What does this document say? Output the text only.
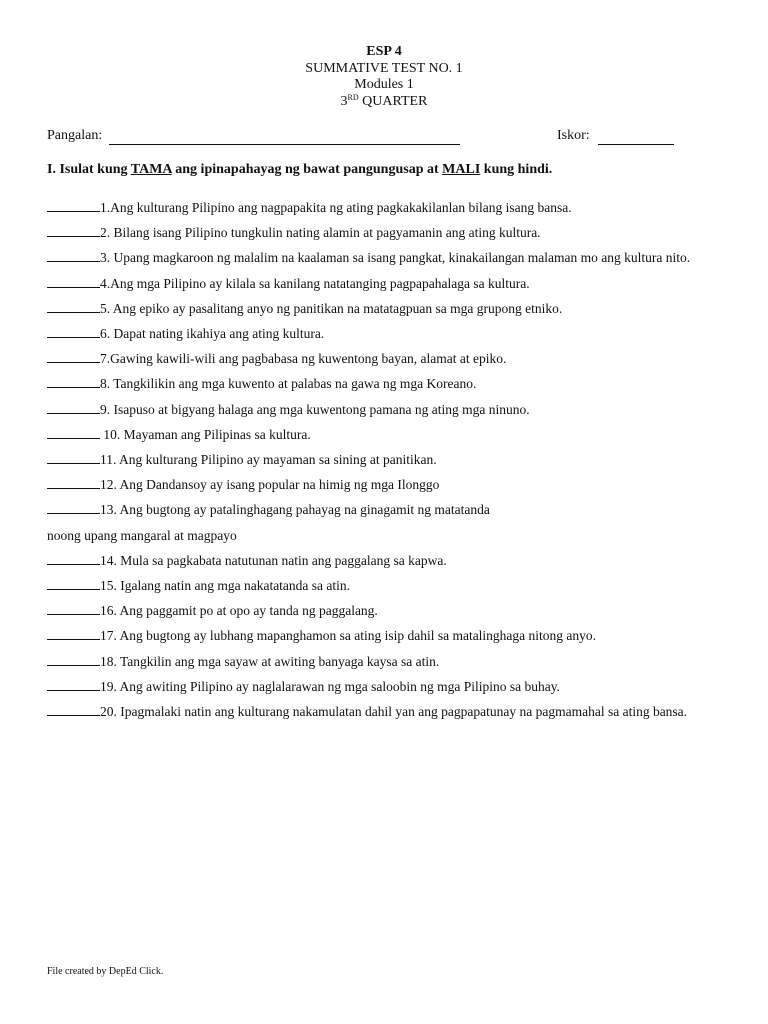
ESP 4
SUMMATIVE TEST NO. 1
Modules 1
3RD QUARTER
Pangalan:	Iskor:
I. Isulat kung TAMA ang ipinapahayag ng bawat pangungusap at MALI kung hindi.
1.Ang kulturang Pilipino ang nagpapakita ng ating pagkakakilanlan bilang isang bansa.
2. Bilang isang Pilipino tungkulin nating alamin at pagyamanin ang ating kultura.
3. Upang magkaroon ng malalim na kaalaman sa isang pangkat, kinakailangan malaman mo ang kultura nito.
4.Ang mga Pilipino ay kilala sa kanilang natatanging pagpapahalaga sa kultura.
5. Ang epiko ay pasalitang anyo ng panitikan na matatagpuan sa mga grupong etniko.
6. Dapat nating ikahiya ang ating kultura.
7.Gawing kawili-wili ang pagbabasa ng kuwentong bayan, alamat at epiko.
8. Tangkilikin ang mga kuwento at palabas na gawa ng mga Koreano.
9. Isapuso at bigyang halaga ang mga kuwentong pamana ng ating mga ninuno.
10. Mayaman ang Pilipinas sa kultura.
11. Ang kulturang Pilipino ay mayaman sa sining at panitikan.
12. Ang Dandansoy ay isang popular na himig ng mga Ilonggo
13. Ang bugtong ay patalinghagang pahayag na ginagamit ng matatanda
noong upang mangaral at magpayo
14. Mula sa pagkabata natutunan natin ang paggalang sa kapwa.
15. Igalang natin ang mga nakatatanda sa atin.
16. Ang paggamit po at opo ay tanda ng paggalang.
17. Ang bugtong ay lubhang mapanghamon sa ating isip dahil sa matalinghaga nitong anyo.
18. Tangkilin ang mga sayaw at awiting banyaga kaysa sa atin.
19. Ang awiting Pilipino ay naglalarawan ng mga saloobin ng mga Pilipino sa buhay.
20. Ipagmalaki natin ang kulturang nakamulatan dahil yan ang pagpapatunay na pagmamahal sa ating bansa.
File created by DepEd Click.
